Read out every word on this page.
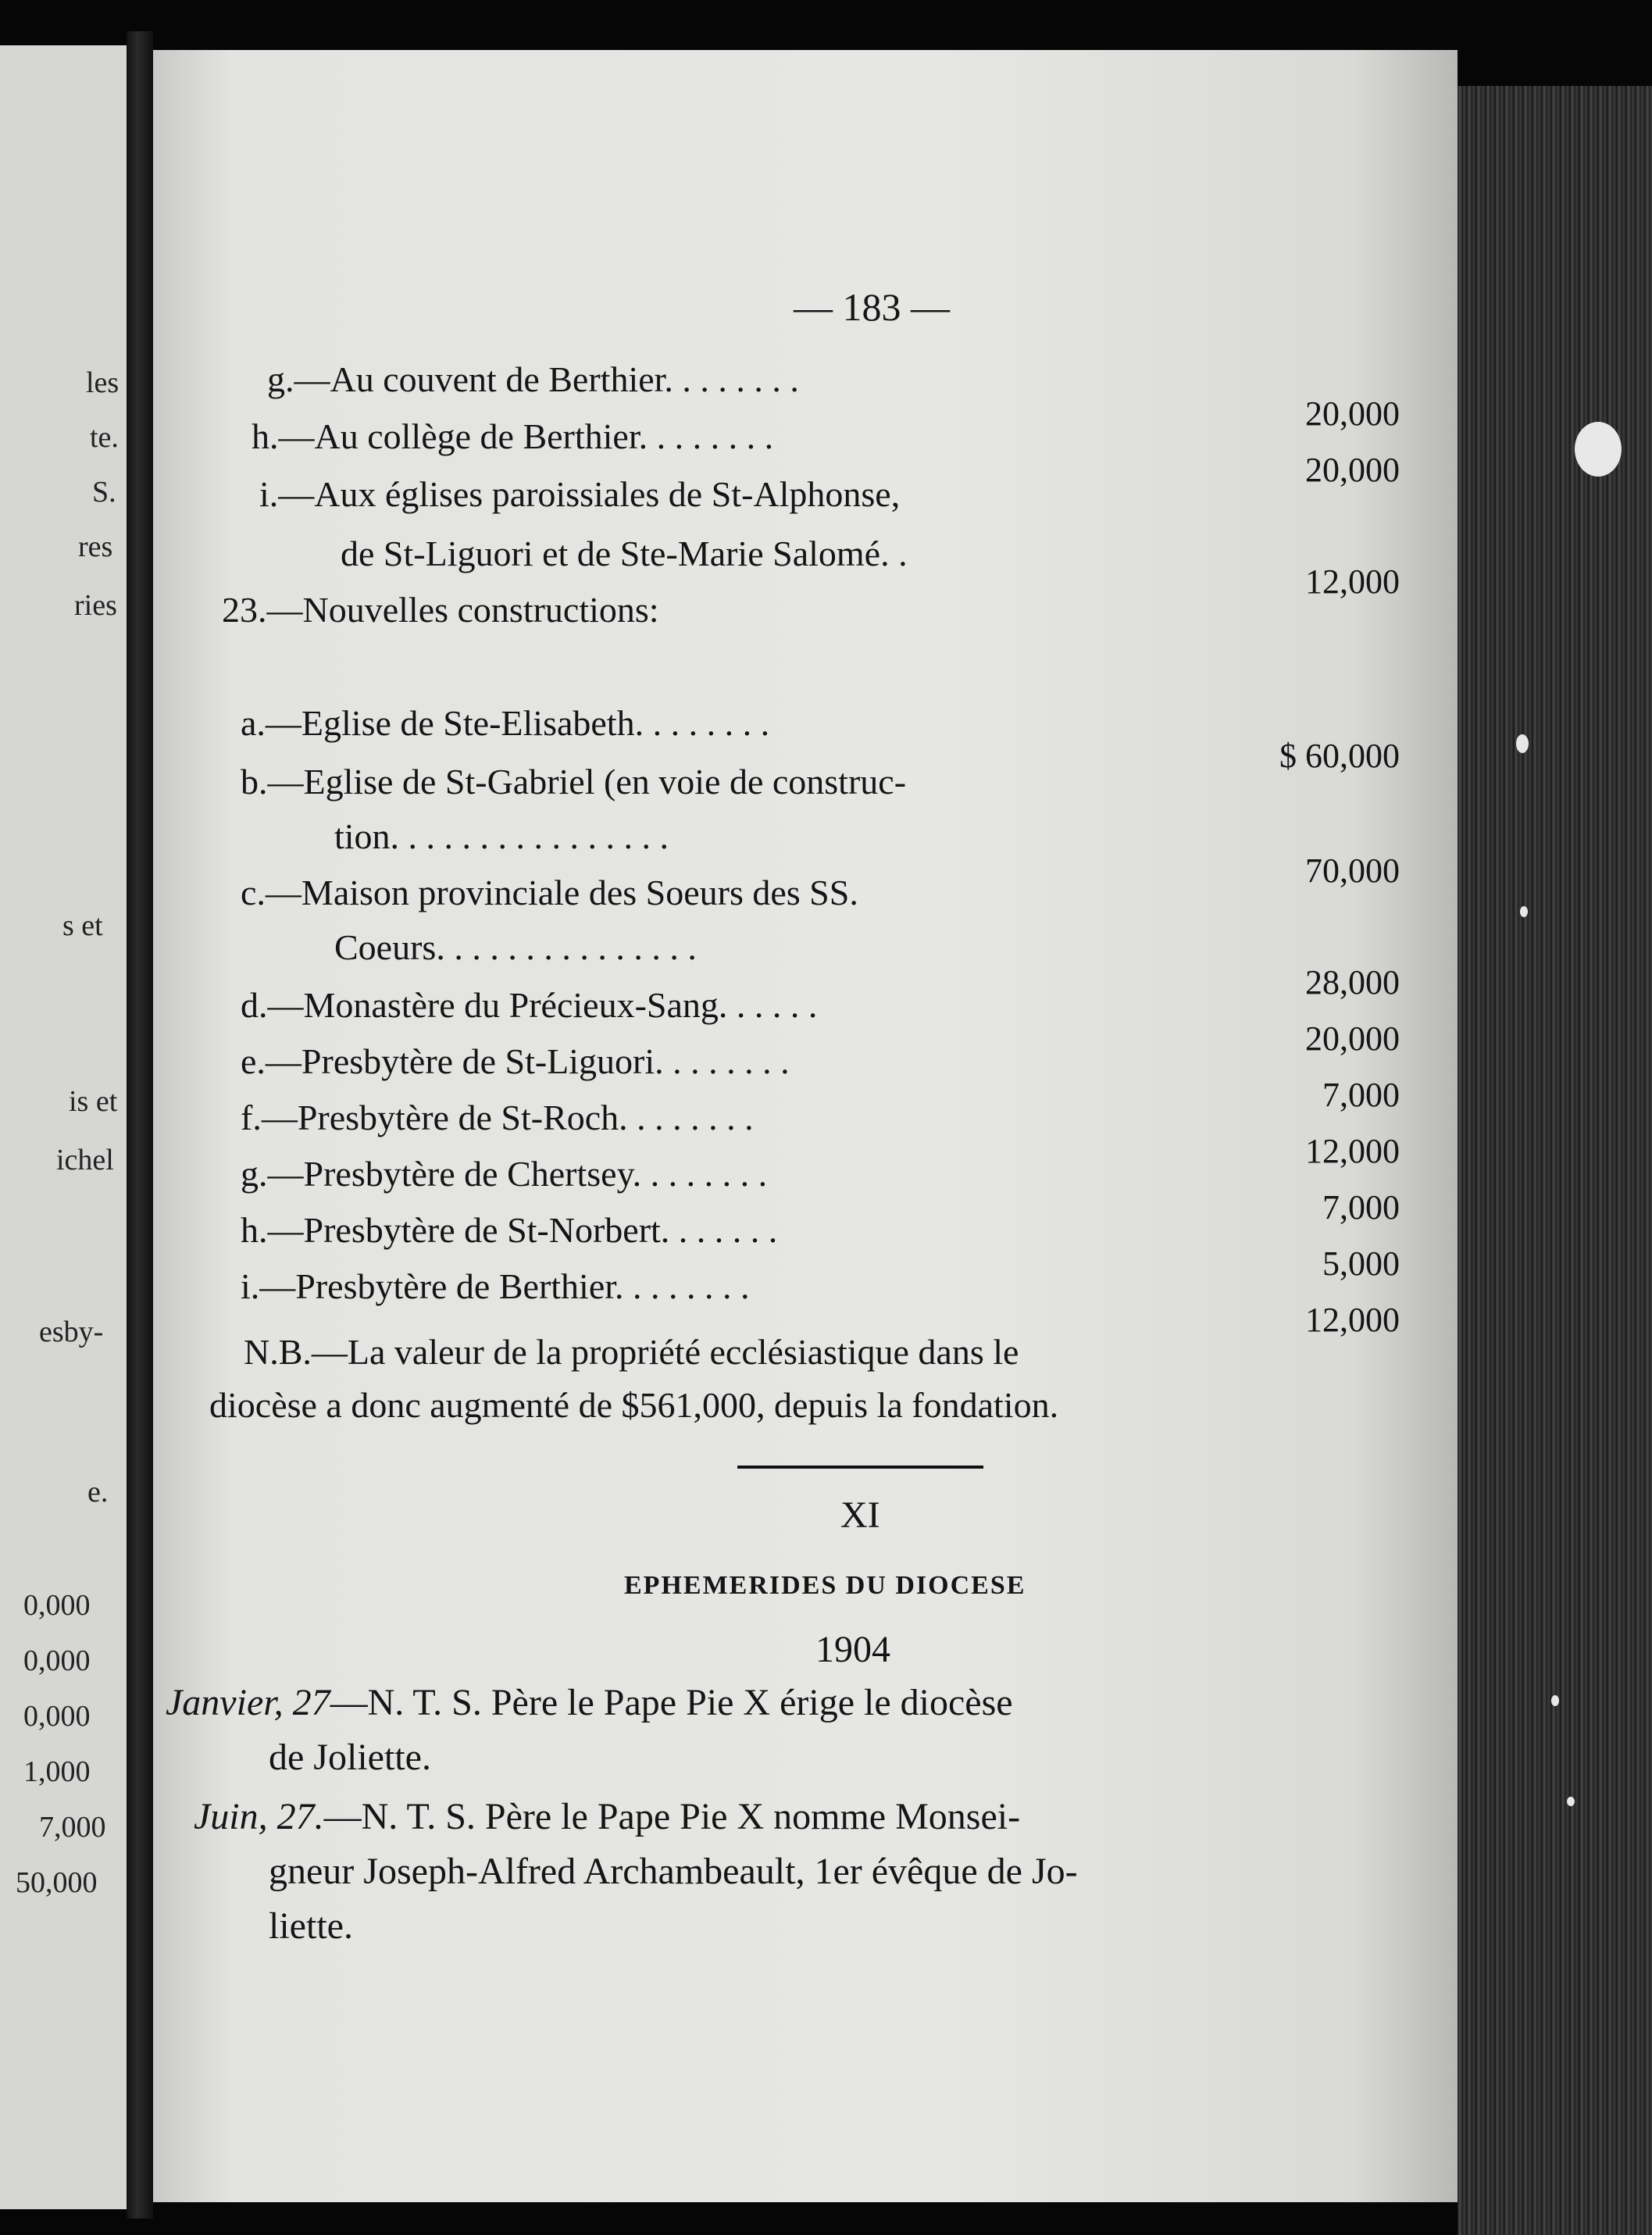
les
te.
S.
res
ries
s et
is et
ichel
esby-
e.
0,000
0,000
0,000
1,000
7,000
50,000
— 183 —
g.—Au couvent de Berthier. . . . . . . .
20,000
h.—Au collège de Berthier. . . . . . . .
20,000
i.—Aux églises paroissiales de St-Alphonse,
de St-Liguori et de Ste-Marie Salomé. .
12,000
23.—Nouvelles constructions:
a.—Eglise de Ste-Elisabeth. . . . . . . .
$ 60,000
b.—Eglise de St-Gabriel (en voie de construc-
tion. . . . . . . . . . . . . . . .
70,000
c.—Maison provinciale des Soeurs des SS.
Coeurs. . . . . . . . . . . . . . .
28,000
d.—Monastère du Précieux-Sang. . . . . .
20,000
e.—Presbytère de St-Liguori. . . . . . . .
7,000
f.—Presbytère de St-Roch. . . . . . . .
12,000
g.—Presbytère de Chertsey. . . . . . . .
7,000
h.—Presbytère de St-Norbert. . . . . . .
5,000
i.—Presbytère de Berthier. . . . . . . .
12,000
N.B.—La valeur de la propriété ecclésiastique dans le
diocèse a donc augmenté de $561,000, depuis la fondation.
XI
EPHEMERIDES DU DIOCESE
1904
Janvier, 27—N. T. S. Père le Pape Pie X érige le diocèse
de Joliette.
Juin, 27.—N. T. S. Père le Pape Pie X nomme Monsei-
gneur Joseph-Alfred Archambeault, 1er évêque de Jo-
liette.
